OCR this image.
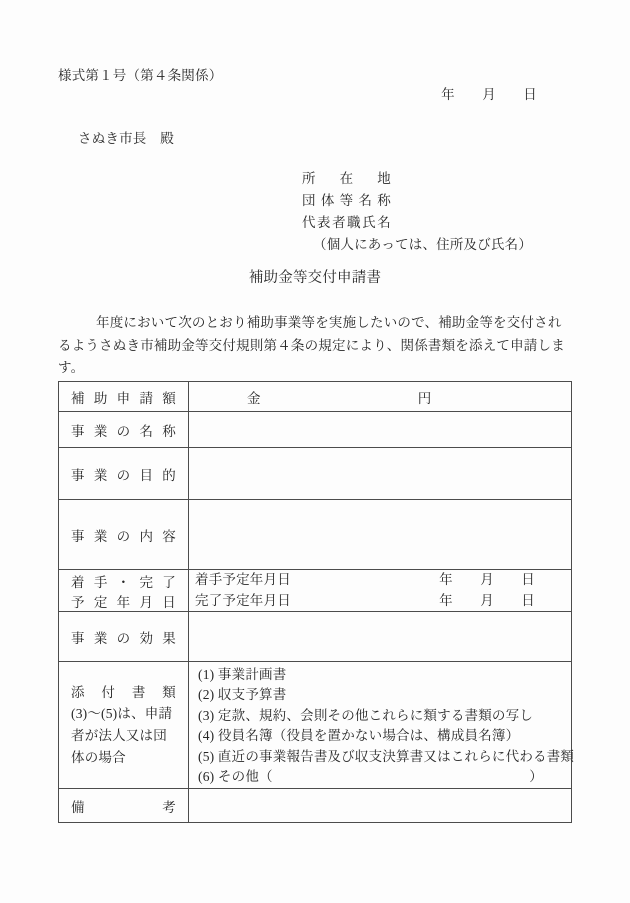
様式第１号（第４条関係）
年　　月　　日
さぬき市長　殿
所 在 地
団 体 等 名 称
代 表 者 職 氏 名
（個人にあっては、住所及び氏名）
補助金等交付申請書
年度において次のとおり補助事業等を実施したいので、補助金等を交付され
るようさぬき市補助金等交付規則第４条の規定により、関係書類を添えて申請しま
す。
補 助 申 請 額	金 円

事 業 の 名 称	

事 業 の 目 的	

事 業 の 内 容	

着 手 ・ 完 了
予 定 年 月 日

着手予定年月日	年　　月　　日
完了予定年月日	年　　月　　日

事 業 の 効 果	

添 付 書 類
(3)～(5)は、申請者が法人又は団体の場合

(1) 事業計画書
(2) 収支予算書
(3) 定款、規約、会則その他これらに類する書類の写し
(4) 役員名簿（役員を置かない場合は、構成員名簿）
(5) 直近の事業報告書及び収支決算書又はこれらに代わる書類
(6) その他（	）

備 考	
